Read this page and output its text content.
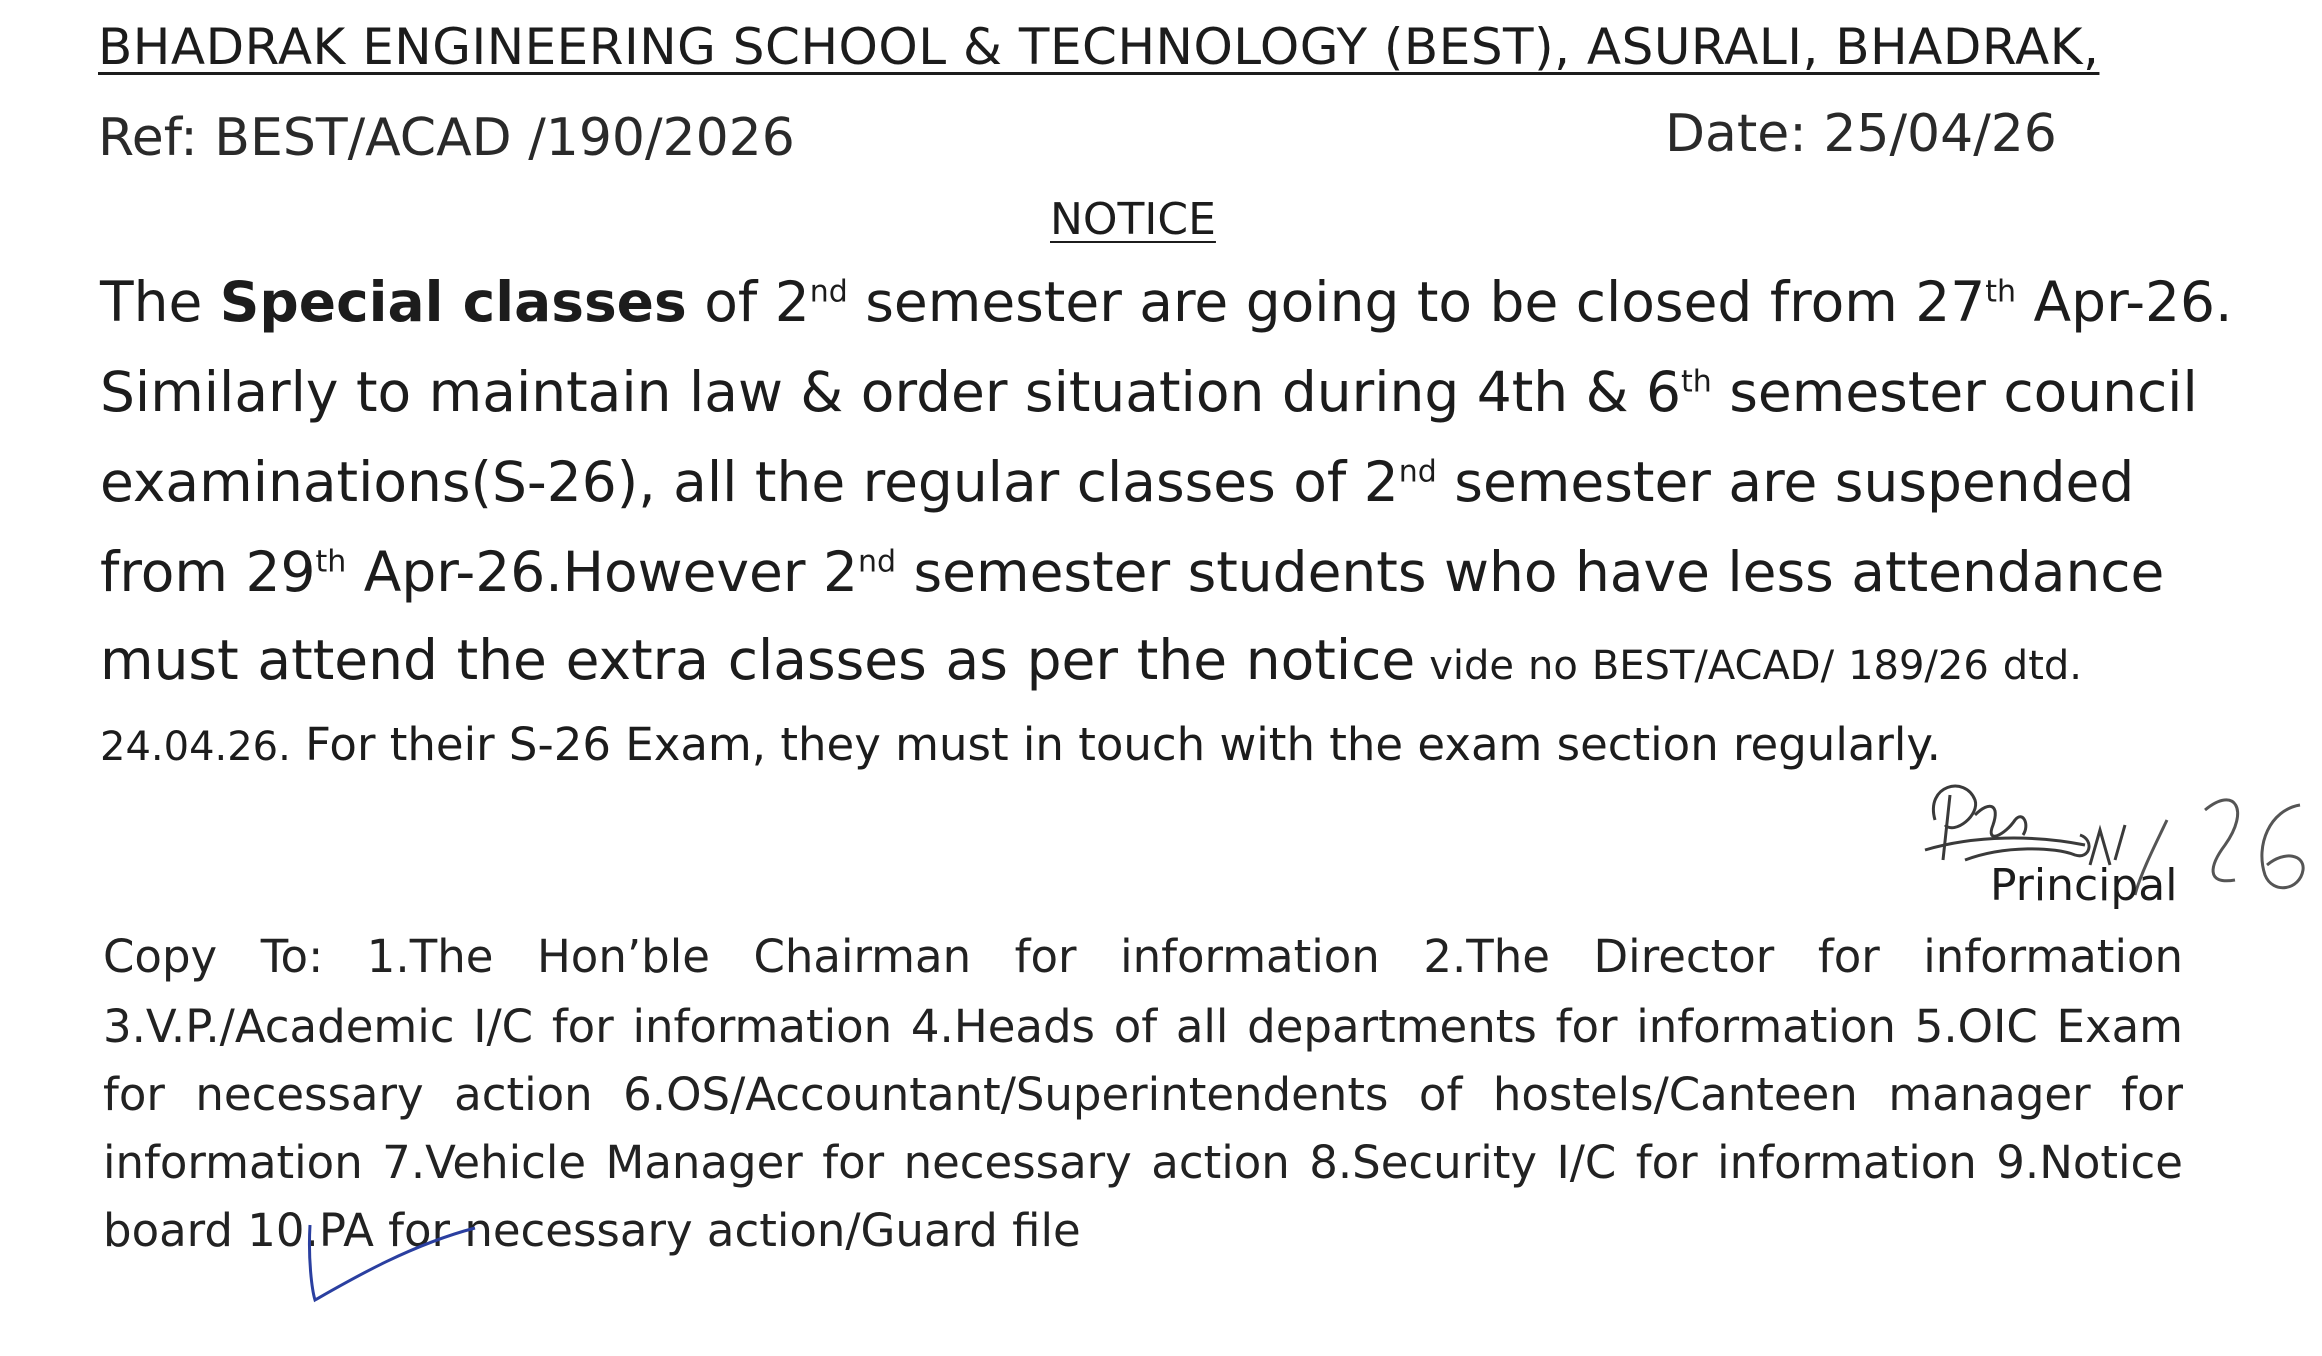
BHADRAK ENGINEERING SCHOOL & TECHNOLOGY (BEST), ASURALI, BHADRAK,
Ref: BEST/ACAD /190/2026	Date: 25/04/26
NOTICE
The Special classes of 2nd semester are going to be closed from 27th Apr-26.
Similarly to maintain law & order situation during 4th & 6th semester council
examinations(S-26), all the regular classes of 2nd semester are suspended
from 29th Apr-26.However 2nd semester students who have less attendance
must attend the extra classes as per the notice vide no BEST/ACAD/ 189/26 dtd.
24.04.26. For their S-26 Exam, they must in touch with the exam section regularly.
Principal
Copy To: 1.The Hon’ble Chairman for information 2.The Director for information
3.V.P./Academic I/C for information 4.Heads of all departments for information 5.OIC Exam
for necessary action 6.OS/Accountant/Superintendents of hostels/Canteen manager for
information 7.Vehicle Manager for necessary action 8.Security I/C for information 9.Notice
board 10.PA for necessary action/Guard file
